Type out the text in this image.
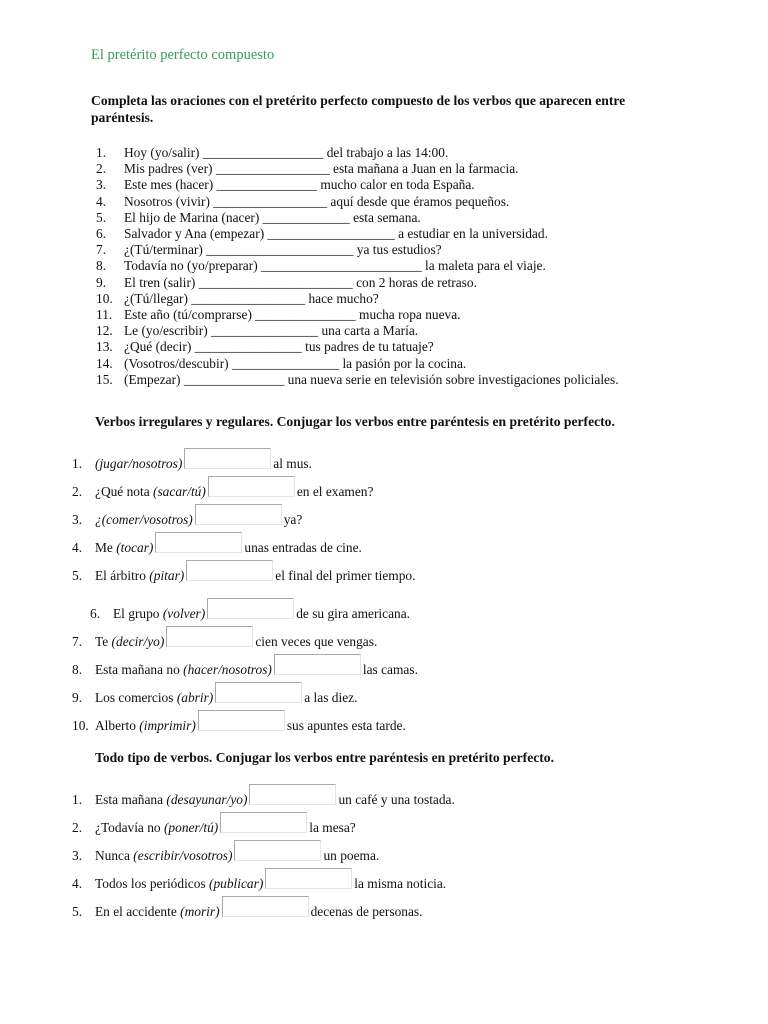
El pretérito perfecto compuesto
Completa las oraciones con el pretérito perfecto compuesto de los verbos que aparecen entre paréntesis.
1. Hoy (yo/salir) __________________ del trabajo a las 14:00.
2. Mis padres (ver) _________________ esta mañana a Juan en la farmacia.
3. Este mes (hacer) _______________ mucho calor en toda España.
4. Nosotros (vivir) _________________ aquí desde que éramos pequeños.
5. El hijo de Marina (nacer) _____________ esta semana.
6. Salvador y Ana (empezar) ___________________ a estudiar en la universidad.
7. ¿(Tú/terminar) ______________________ ya tus estudios?
8. Todavía no (yo/preparar) ________________________ la maleta para el viaje.
9. El tren (salir) _______________________ con 2 horas de retraso.
10. ¿(Tú/llegar) _________________ hace mucho?
11. Este año (tú/comprarse) _______________ mucha ropa nueva.
12. Le (yo/escribir) ________________ una carta a María.
13. ¿Qué (decir) ________________ tus padres de tu tatuaje?
14. (Vosotros/descubir) ________________ la pasión por la cocina.
15. (Empezar) _______________ una nueva serie en televisión sobre investigaciones policiales.
Verbos irregulares y regulares. Conjugar los verbos entre paréntesis en pretérito perfecto.
1. (jugar/nosotros)	al mus.
2. ¿Qué nota (sacar/tú)	en el examen?
3. ¿(comer/vosotros)	ya?
4. Me (tocar)	unas entradas de cine.
5. El árbitro (pitar)	el final del primer tiempo.
6. El grupo (volver)	de su gira americana.
7. Te (decir/yo)	cien veces que vengas.
8. Esta mañana no (hacer/nosotros)	las camas.
9. Los comercios (abrir)	a las diez.
10. Alberto (imprimir)	sus apuntes esta tarde.
Todo tipo de verbos. Conjugar los verbos entre paréntesis en pretérito perfecto.
1. Esta mañana (desayunar/yo)	un café y una tostada.
2. ¿Todavía no (poner/tú)	la mesa?
3. Nunca (escribir/vosotros)	un poema.
4. Todos los periódicos (publicar)	la misma noticia.
5. En el accidente (morir)	decenas de personas.
